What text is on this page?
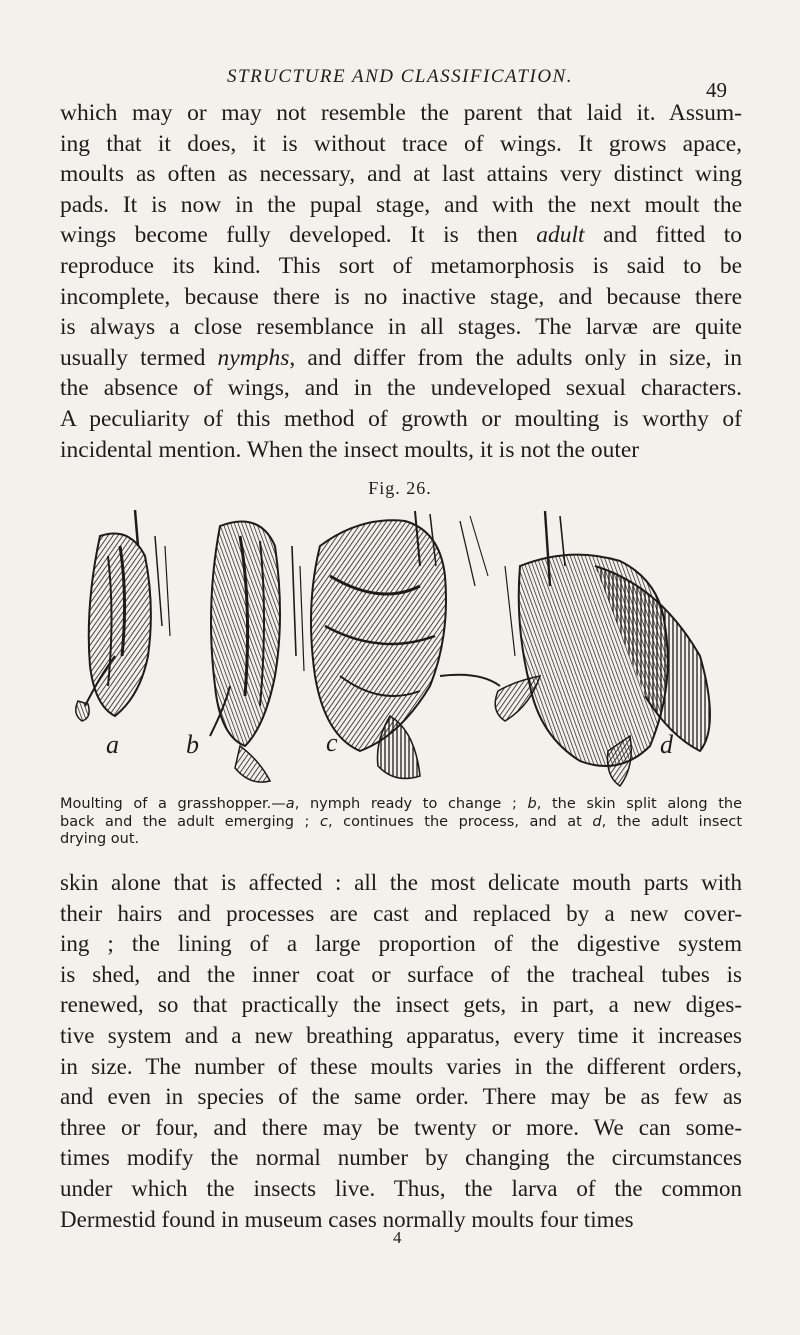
STRUCTURE AND CLASSIFICATION.
49
which may or may not resemble the parent that laid it. Assum-
ing that it does, it is without trace of wings. It grows apace,
moults as often as necessary, and at last attains very distinct wing
pads. It is now in the pupal stage, and with the next moult the
wings become fully developed. It is then adult and fitted to
reproduce its kind. This sort of metamorphosis is said to be
incomplete, because there is no inactive stage, and because there
is always a close resemblance in all stages. The larvæ are quite
usually termed nymphs, and differ from the adults only in size, in
the absence of wings, and in the undeveloped sexual characters.
A peculiarity of this method of growth or moulting is worthy of
incidental mention. When the insect moults, it is not the outer
Fig. 26.
a	b	c	d
Moulting of a grasshopper.—a, nymph ready to change ; b, the skin split along the
back and the adult emerging ; c, continues the process, and at d, the adult insect
drying out.
skin alone that is affected : all the most delicate mouth parts with
their hairs and processes are cast and replaced by a new cover-
ing ; the lining of a large proportion of the digestive system
is shed, and the inner coat or surface of the tracheal tubes is
renewed, so that practically the insect gets, in part, a new diges-
tive system and a new breathing apparatus, every time it increases
in size. The number of these moults varies in the different orders,
and even in species of the same order. There may be as few as
three or four, and there may be twenty or more. We can some-
times modify the normal number by changing the circumstances
under which the insects live. Thus, the larva of the common
Dermestid found in museum cases normally moults four times
4
